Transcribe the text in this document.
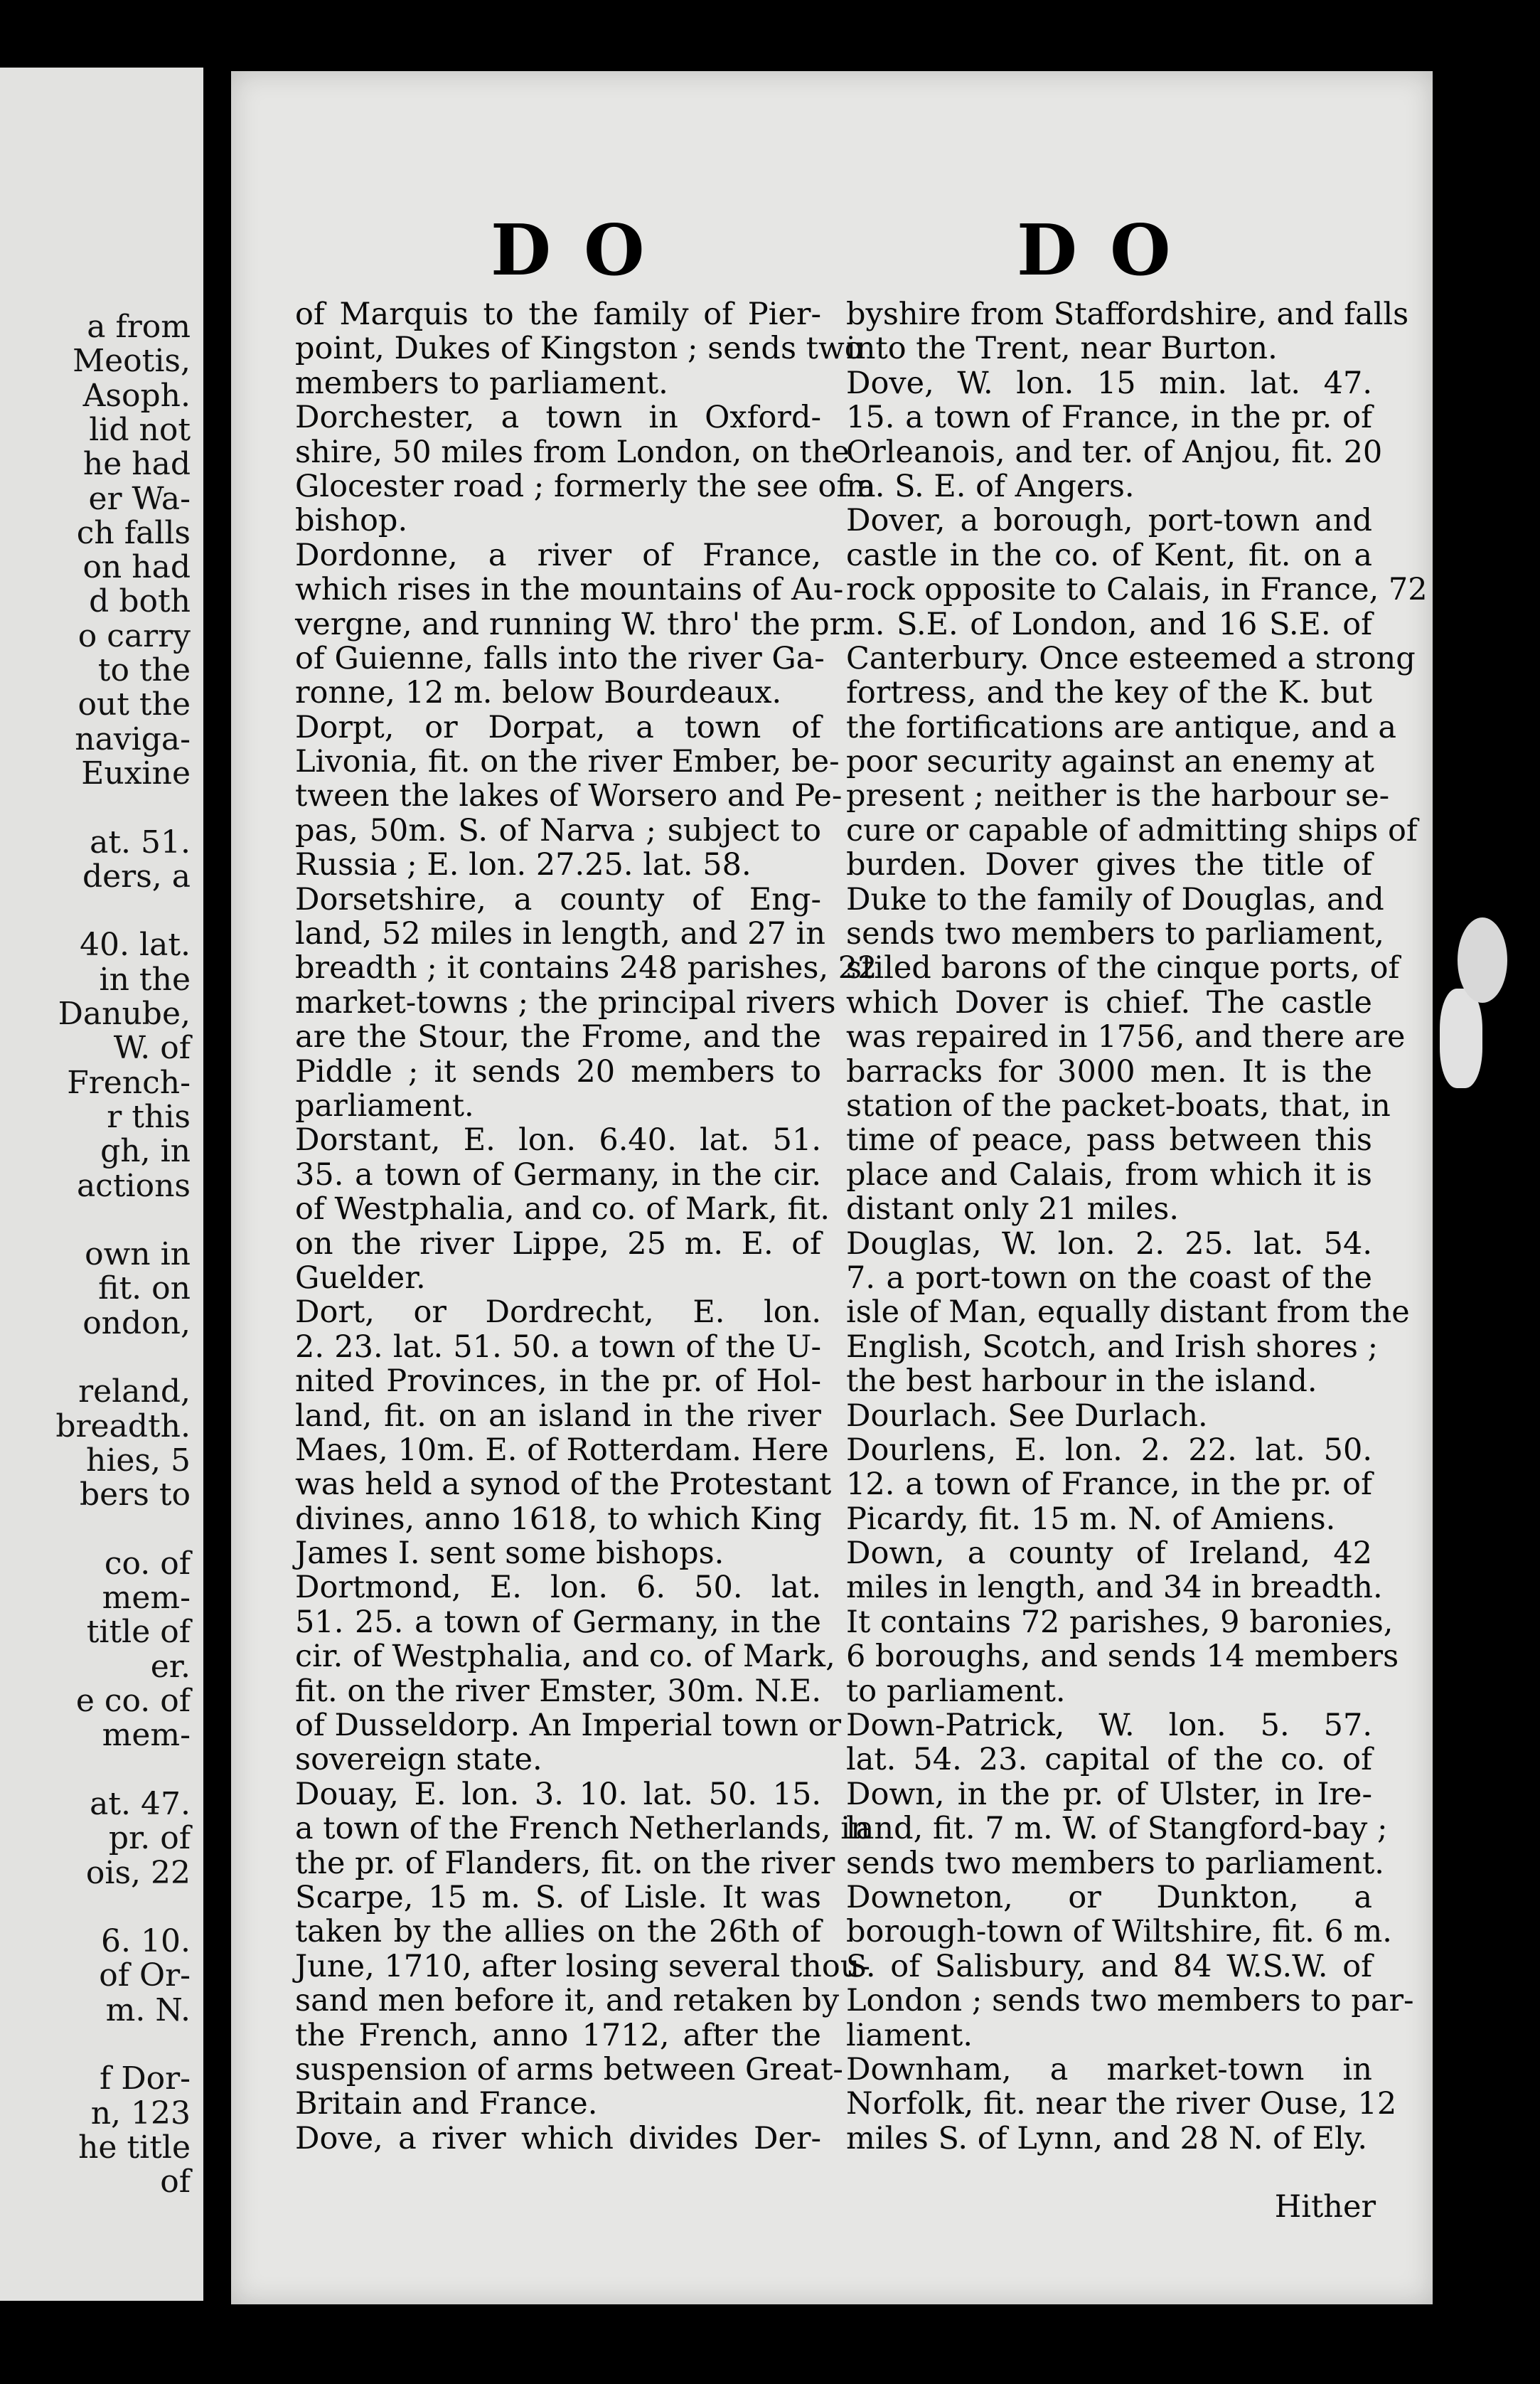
a from
Meotis,
Asoph.
lid not
he had
er Wa-
ch falls
on had
d both
o carry
to the
out the
naviga-
Euxine
at. 51.
ders, a
40. lat.
in the
Danube,
W. of
French-
r this
gh, in
actions
own in
fit. on
ondon,
reland,
breadth.
hies, 5
bers to
co. of
mem-
title of
er.
e co. of
mem-
at. 47.
pr. of
ois, 22
6. 10.
of Or-
m. N.
f Dor-
n, 123
he title
of
D O	D O
of Marquis to the family of Pier-
point, Dukes of Kingston ; sends two
members to parliament.
Dorchester, a town in Oxford-
shire, 50 miles from London, on the
Glocester road ; formerly the see of a
bishop.
Dordonne, a river of France,
which rises in the mountains of Au-
vergne, and running W. thro' the pr.
of Guienne, falls into the river Ga-
ronne, 12 m. below Bourdeaux.
Dorpt, or Dorpat, a town of
Livonia, fit. on the river Ember, be-
tween the lakes of Worsero and Pe-
pas, 50m. S. of Narva ; subject to
Russia ; E. lon. 27.25. lat. 58.
Dorsetshire, a county of Eng-
land, 52 miles in length, and 27 in
breadth ; it contains 248 parishes, 22
market-towns ; the principal rivers
are the Stour, the Frome, and the
Piddle ; it sends 20 members to
parliament.
Dorstant, E. lon. 6.40. lat. 51.
35. a town of Germany, in the cir.
of Westphalia, and co. of Mark, fit.
on the river Lippe, 25 m. E. of
Guelder.
Dort, or Dordrecht, E. lon.
2. 23. lat. 51. 50. a town of the U-
nited Provinces, in the pr. of Hol-
land, fit. on an island in the river
Maes, 10m. E. of Rotterdam. Here
was held a synod of the Protestant
divines, anno 1618, to which King
James I. sent some bishops.
Dortmond, E. lon. 6. 50. lat.
51. 25. a town of Germany, in the
cir. of Westphalia, and co. of Mark,
fit. on the river Emster, 30m. N.E.
of Dusseldorp. An Imperial town or
sovereign state.
Douay, E. lon. 3. 10. lat. 50. 15.
a town of the French Netherlands, in
the pr. of Flanders, fit. on the river
Scarpe, 15 m. S. of Lisle. It was
taken by the allies on the 26th of
June, 1710, after losing several thou-
sand men before it, and retaken by
the French, anno 1712, after the
suspension of arms between Great-
Britain and France.
Dove, a river which divides Der-
byshire from Staffordshire, and falls
into the Trent, near Burton.
Dove, W. lon. 15 min. lat. 47.
15. a town of France, in the pr. of
Orleanois, and ter. of Anjou, fit. 20
m. S. E. of Angers.
Dover, a borough, port-town and
castle in the co. of Kent, fit. on a
rock opposite to Calais, in France, 72
m. S.E. of London, and 16 S.E. of
Canterbury. Once esteemed a strong
fortress, and the key of the K. but
the fortifications are antique, and a
poor security against an enemy at
present ; neither is the harbour se-
cure or capable of admitting ships of
burden. Dover gives the title of
Duke to the family of Douglas, and
sends two members to parliament,
stiled barons of the cinque ports, of
which Dover is chief. The castle
was repaired in 1756, and there are
barracks for 3000 men. It is the
station of the packet-boats, that, in
time of peace, pass between this
place and Calais, from which it is
distant only 21 miles.
Douglas, W. lon. 2. 25. lat. 54.
7. a port-town on the coast of the
isle of Man, equally distant from the
English, Scotch, and Irish shores ;
the best harbour in the island.
Dourlach. See Durlach.
Dourlens, E. lon. 2. 22. lat. 50.
12. a town of France, in the pr. of
Picardy, fit. 15 m. N. of Amiens.
Down, a county of Ireland, 42
miles in length, and 34 in breadth.
It contains 72 parishes, 9 baronies,
6 boroughs, and sends 14 members
to parliament.
Down-Patrick, W. lon. 5. 57.
lat. 54. 23. capital of the co. of
Down, in the pr. of Ulster, in Ire-
land, fit. 7 m. W. of Stangford-bay ;
sends two members to parliament.
Downeton, or Dunkton, a
borough-town of Wiltshire, fit. 6 m.
S. of Salisbury, and 84 W.S.W. of
London ; sends two members to par-
liament.
Downham, a market-town in
Norfolk, fit. near the river Ouse, 12
miles S. of Lynn, and 28 N. of Ely.
Hither
